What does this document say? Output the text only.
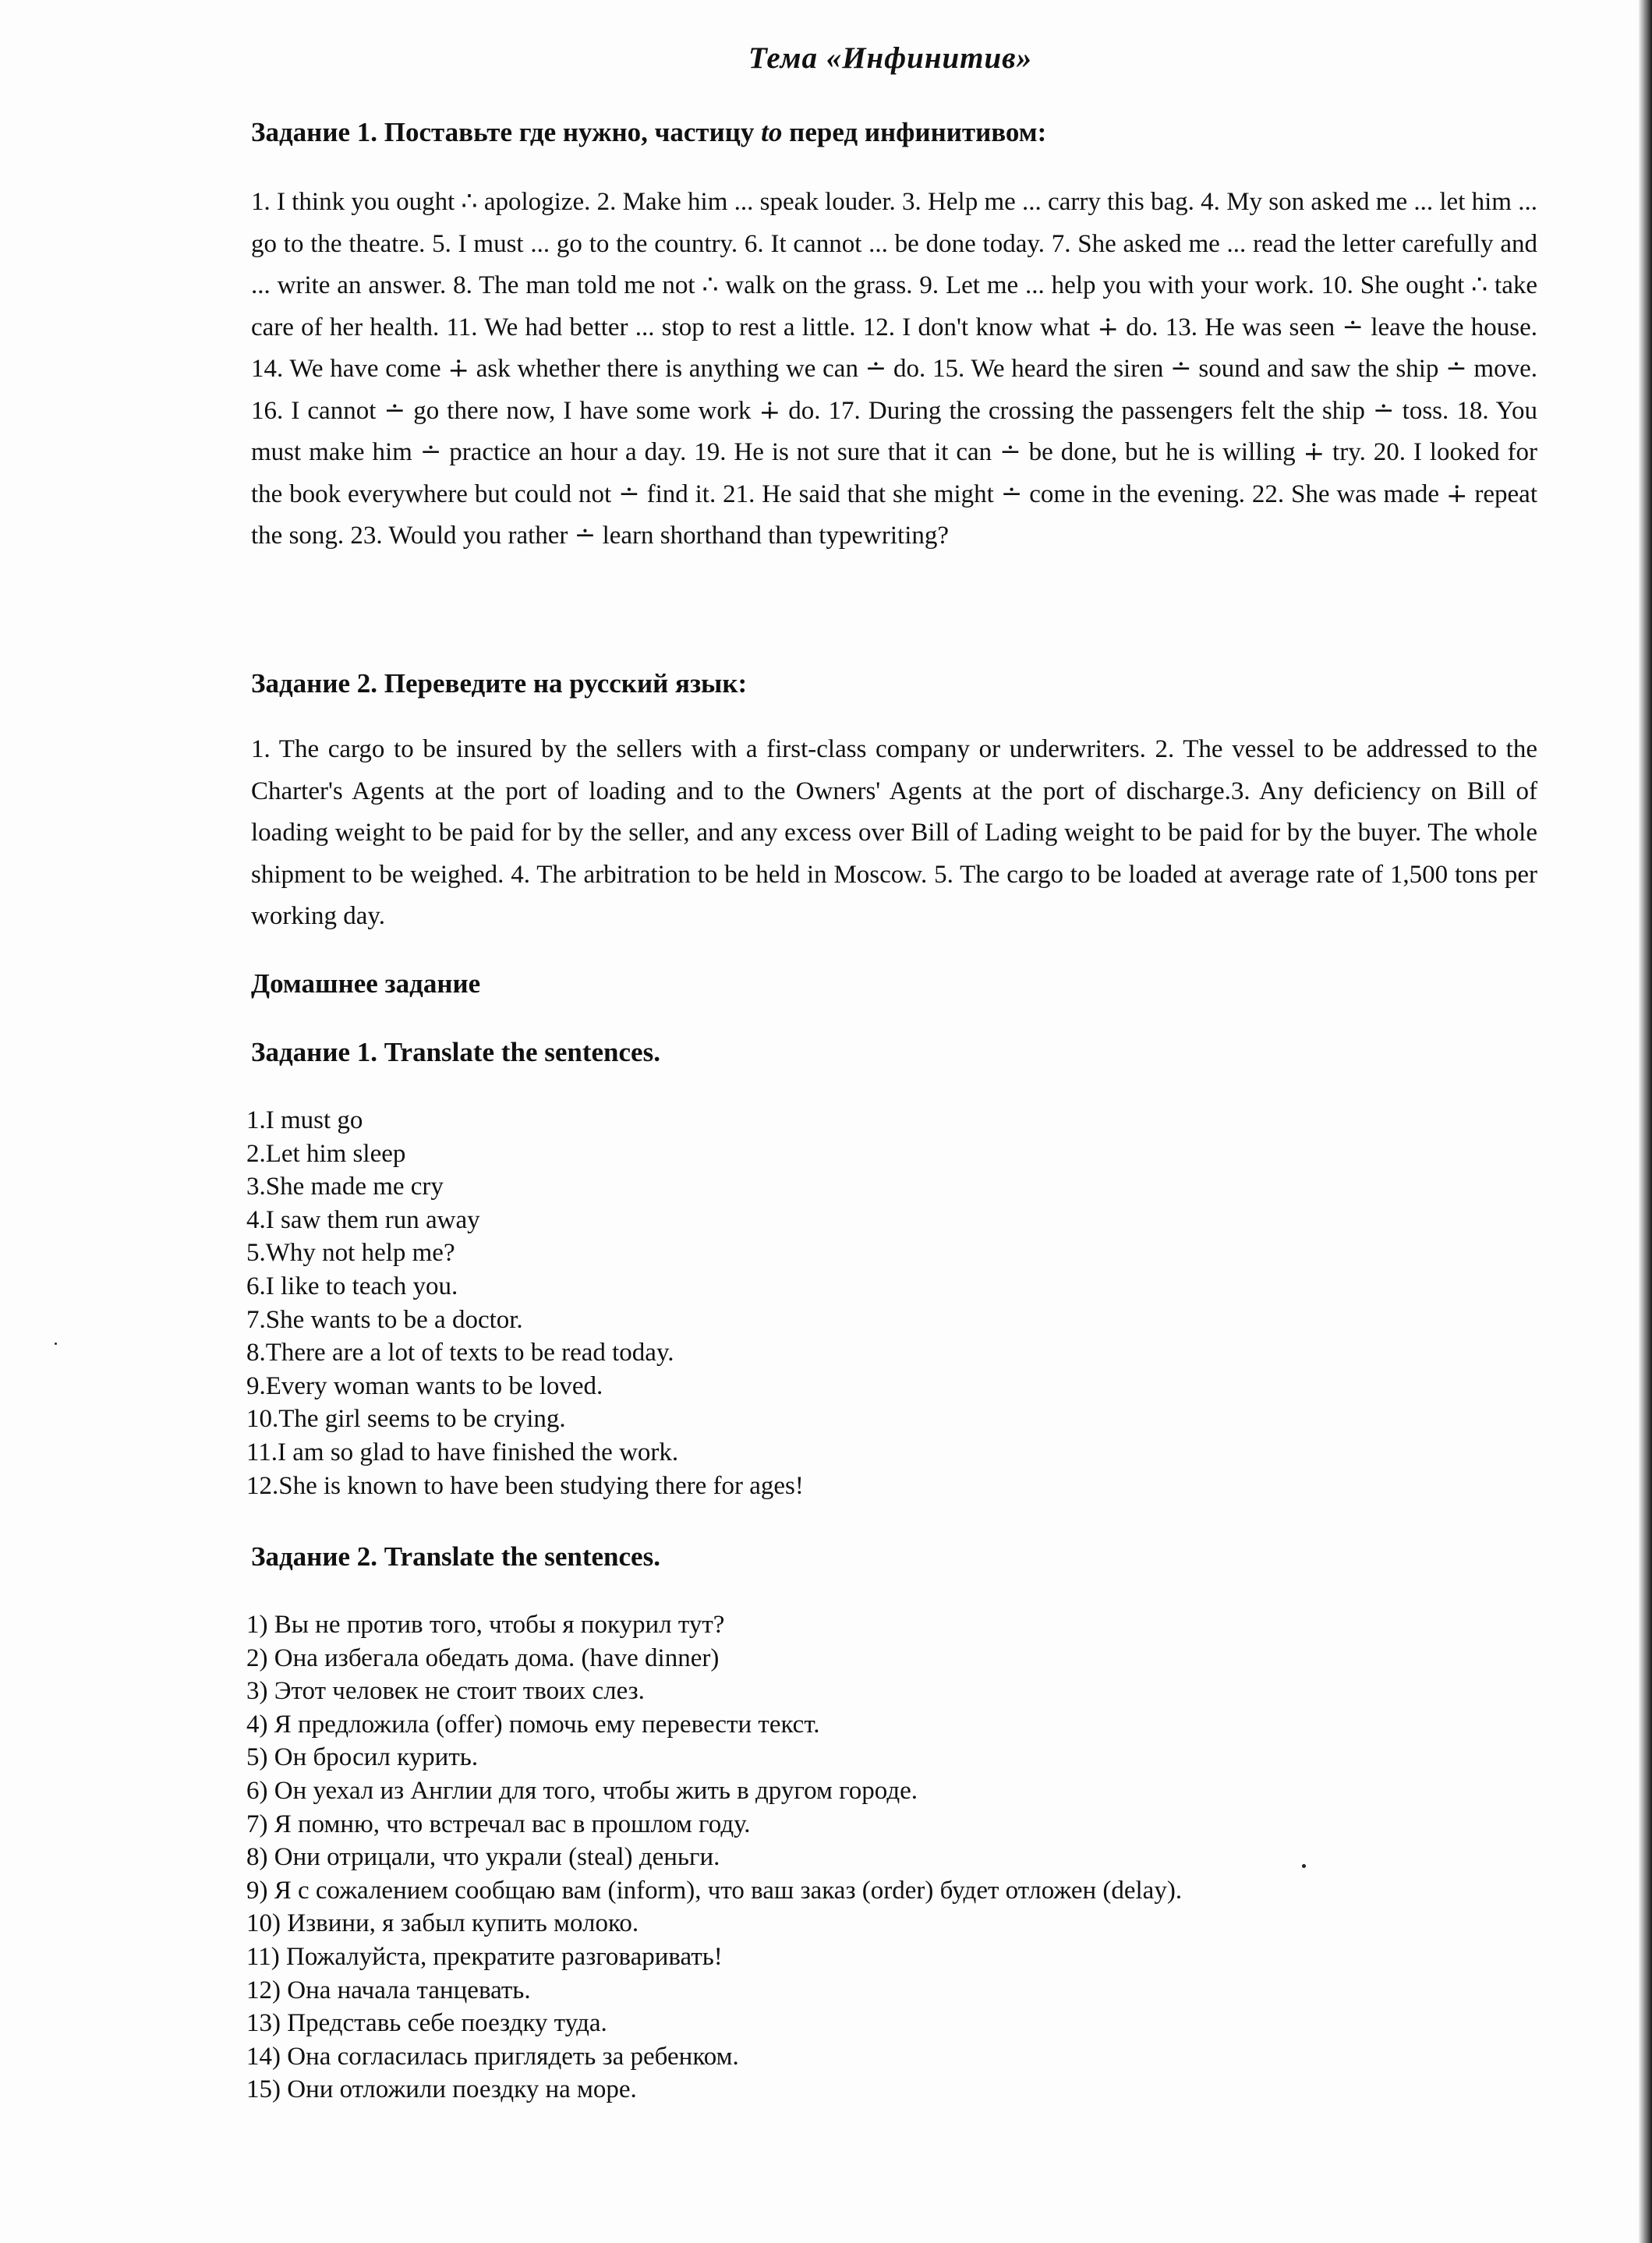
Тема «Инфинитив»
Задание 1. Поставьте где нужно, частицу to перед инфинитивом:
1. I think you ought ∴ apologize. 2. Make him ... speak louder. 3. Help me ... carry this bag. 4. My son asked me ... let him ... go to the theatre. 5. I must ... go to the country. 6. It cannot ... be done today. 7. She asked me ... read the letter carefully and ... write an answer. 8. The man told me not ∴ walk on the grass. 9. Let me ... help you with your work. 10. She ought ∴ take care of her health. 11. We had better ... stop to rest a little. 12. I don't know what ∔ do. 13. He was seen ∸ leave the house. 14. We have come ∔ ask whether there is anything we can ∸ do. 15. We heard the siren ∸ sound and saw the ship ∸ move. 16. I cannot ∸ go there now, I have some work ∔ do. 17. During the crossing the passengers felt the ship ∸ toss. 18. You must make him ∸ practice an hour a day. 19. He is not sure that it can ∸ be done, but he is willing ∔ try. 20. I looked for the book everywhere but could not ∸ find it. 21. He said that she might ∸ come in the evening. 22. She was made ∔ repeat the song. 23. Would you rather ∸ learn shorthand than typewriting?
Задание 2. Переведите на русский язык:
1. The cargo to be insured by the sellers with a first-class company or underwriters. 2. The vessel to be addressed to the Charter's Agents at the port of loading and to the Owners' Agents at the port of discharge.3. Any deficiency on Bill of loading weight to be paid for by the seller, and any excess over Bill of Lading weight to be paid for by the buyer. The whole shipment to be weighed. 4. The arbitration to be held in Moscow. 5. The cargo to be loaded at average rate of 1,500 tons per working day.
Домашнее задание
Задание 1. Translate the sentences.
1.I must go
2.Let him sleep
3.She made me cry
4.I saw them run away
5.Why not help me?
6.I like to teach you.
7.She wants to be a doctor.
8.There are a lot of texts to be read today.
9.Every woman wants to be loved.
10.The girl seems to be crying.
11.I am so glad to have finished the work.
12.She is known to have been studying there for ages!
Задание 2. Translate the sentences.
1) Вы не против того, чтобы я покурил тут?
2) Она избегала обедать дома. (have dinner)
3) Этот человек не стоит твоих слез.
4) Я предложила (offer) помочь ему перевести текст.
5) Он бросил курить.
6) Он уехал из Англии для того, чтобы жить в другом городе.
7) Я помню, что встречал вас в прошлом году.
8) Они отрицали, что украли (steal) деньги.
9) Я с сожалением сообщаю вам (inform), что ваш заказ (order) будет отложен (delay).
10) Извини, я забыл купить молоко.
11) Пожалуйста, прекратите разговаривать!
12) Она начала танцевать.
13) Представь себе поездку туда.
14) Она согласилась приглядеть за ребенком.
15) Они отложили поездку на море.
